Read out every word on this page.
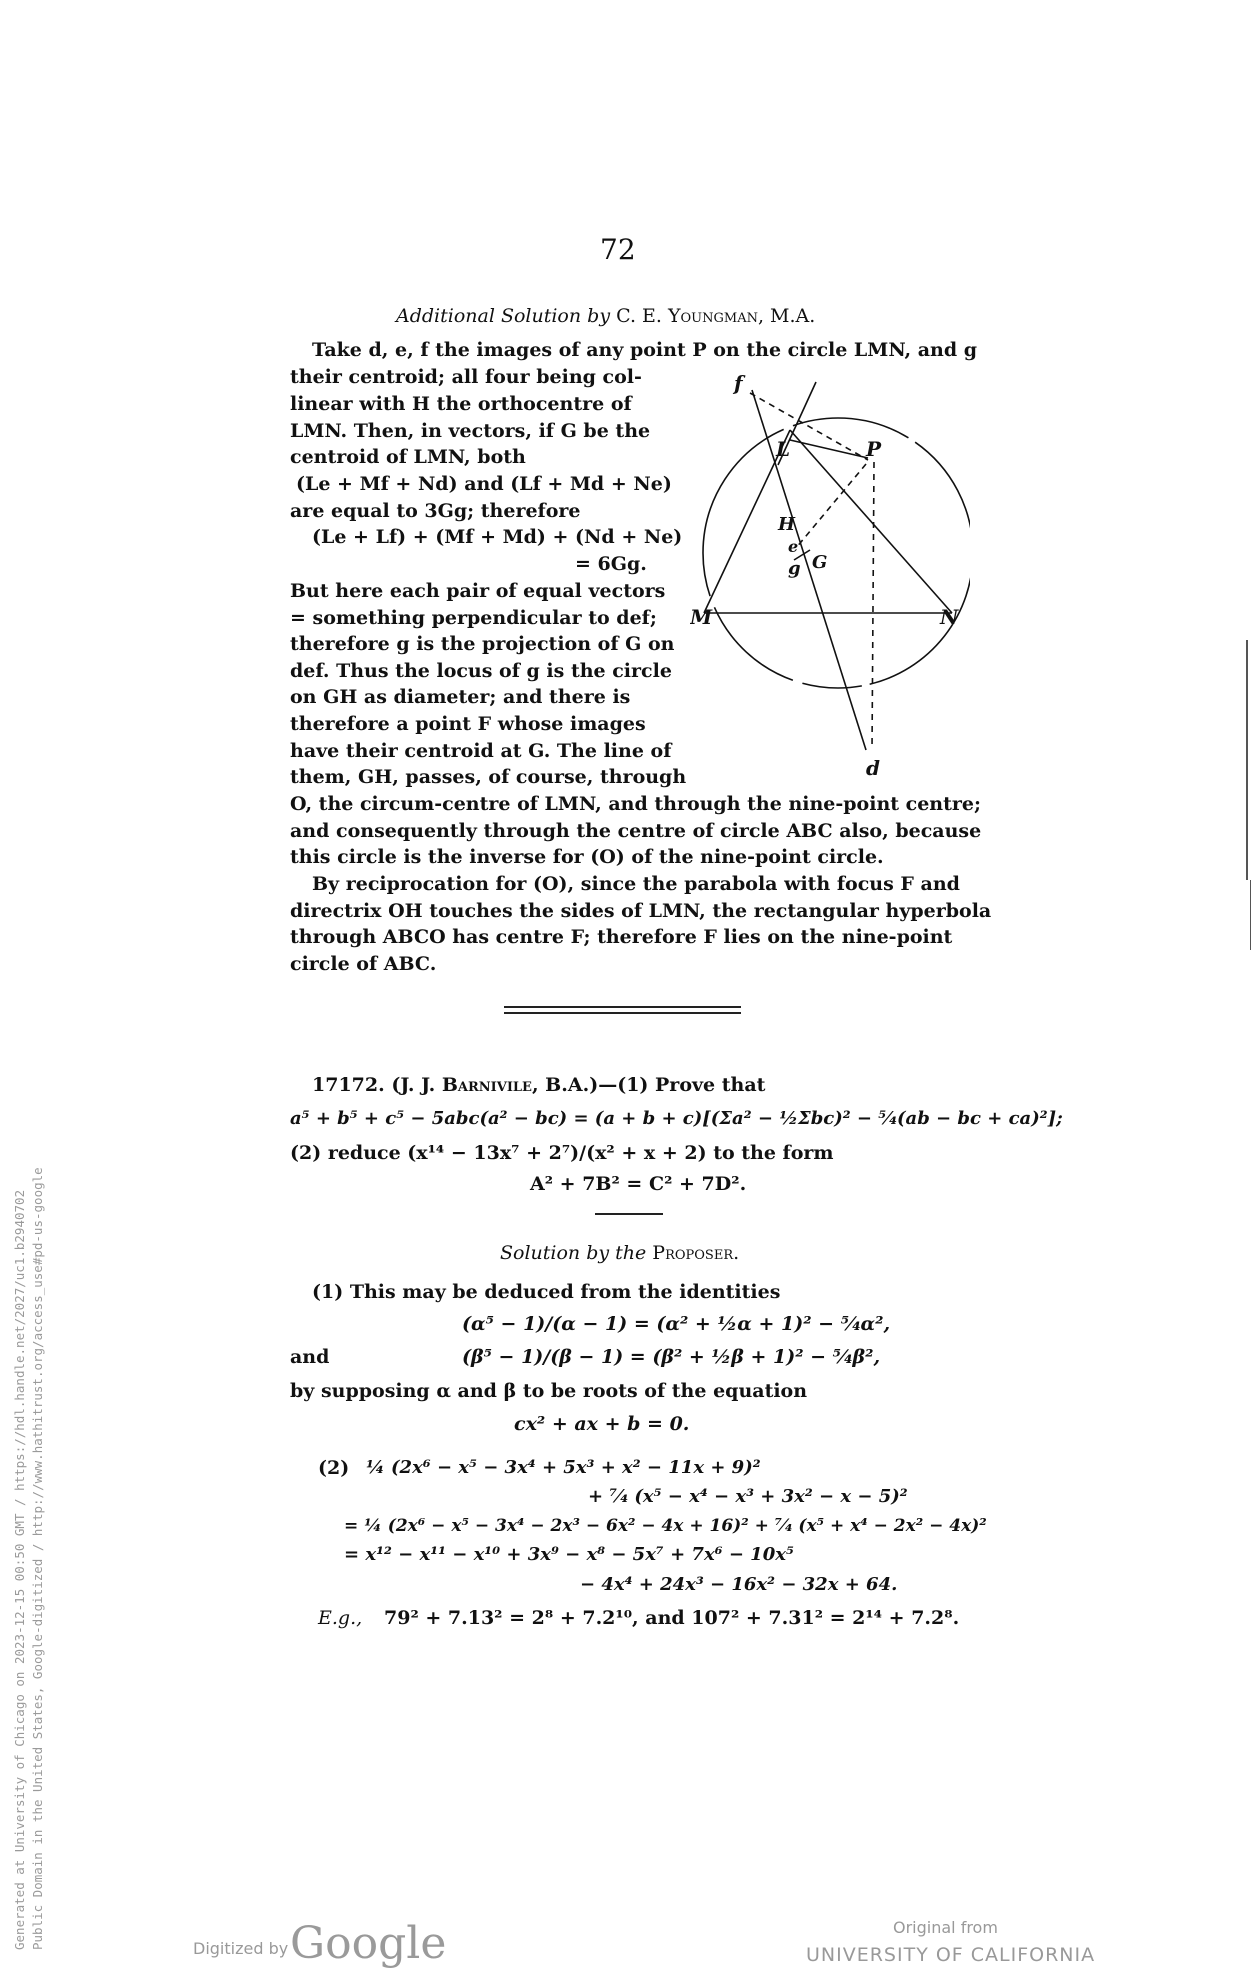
Generated at University of Chicago on 2023-12-15 00:50 GMT / https://hdl.handle.net/2027/uc1.b2940702 Public Domain in the United States, Google-digitized / http://www.hathitrust.org/access_use#pd-us-google
72
Additional Solution by C. E. Youngman, M.A.
Take d, e, f the images of any point P on the circle LMN, and g
their centroid; all four being col-
linear with H the orthocentre of
LMN. Then, in vectors, if G be the
centroid of LMN, both
(Le + Mf + Nd) and (Lf + Md + Ne)
are equal to 3Gg; therefore
(Le + Lf) + (Mf + Md) + (Nd + Ne)
= 6Gg.
But here each pair of equal vectors
= something perpendicular to def;
therefore g is the projection of G on
def. Thus the locus of g is the circle
on GH as diameter; and there is
therefore a point F whose images
have their centroid at G. The line of
them, GH, passes, of course, through
O, the circum-centre of LMN, and through the nine-point centre;
and consequently through the centre of circle ABC also, because
this circle is the inverse for (O) of the nine-point circle.
By reciprocation for (O), since the parabola with focus F and
directrix OH touches the sides of LMN, the rectangular hyperbola
through ABCO has centre F; therefore F lies on the nine-point
circle of ABC.
f
L	P
H
e
g G
M	N
d
17172. (J. J. Barnivile, B.A.)—(1) Prove that
a⁵ + b⁵ + c⁵ − 5abc(a² − bc) = (a + b + c)[(Σa² − ½Σbc)² − ⁵⁄₄(ab − bc + ca)²];
(2) reduce (x¹⁴ − 13x⁷ + 2⁷)/(x² + x + 2) to the form
A² + 7B² = C² + 7D².
Solution by the Proposer.
(1) This may be deduced from the identities
(α⁵ − 1)/(α − 1) = (α² + ½α + 1)² − ⁵⁄₄α²,
and	(β⁵ − 1)/(β − 1) = (β² + ½β + 1)² − ⁵⁄₄β²,
by supposing α and β to be roots of the equation
cx² + ax + b = 0.
(2) ¼ (2x⁶ − x⁵ − 3x⁴ + 5x³ + x² − 11x + 9)²
+ ⁷⁄₄ (x⁵ − x⁴ − x³ + 3x² − x − 5)²
= ¼ (2x⁶ − x⁵ − 3x⁴ − 2x³ − 6x² − 4x + 16)² + ⁷⁄₄ (x⁵ + x⁴ − 2x² − 4x)²
= x¹² − x¹¹ − x¹⁰ + 3x⁹ − x⁸ − 5x⁷ + 7x⁶ − 10x⁵
− 4x⁴ + 24x³ − 16x² − 32x + 64.
E.g., 79² + 7.13² = 2⁸ + 7.2¹⁰, and 107² + 7.31² = 2¹⁴ + 7.2⁸.
Digitized by Google	Original from
UNIVERSITY OF CALIFORNIA
